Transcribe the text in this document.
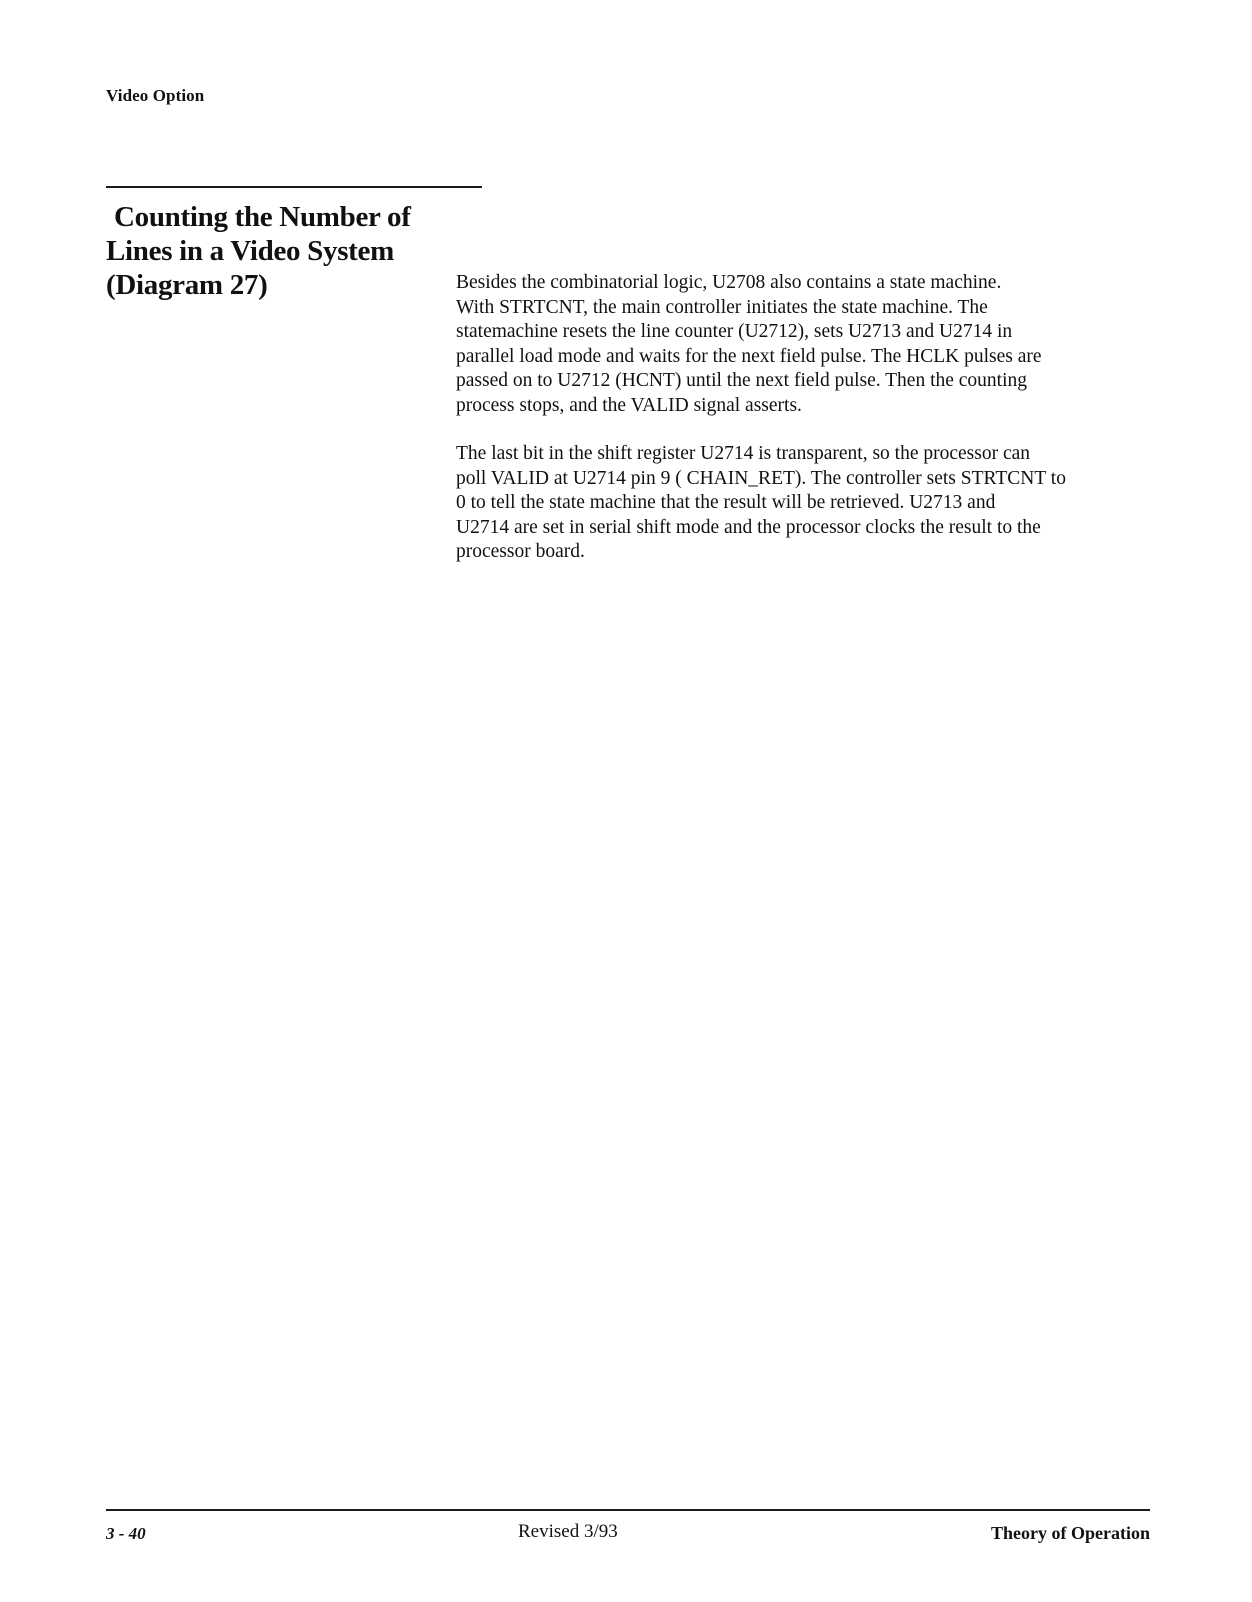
Video Option
Counting the Number of
Lines in a Video System
(Diagram 27)	Besides the combinatorial logic, U2708 also contains a state machine.
With STRTCNT, the main controller initiates the state machine. The
statemachine resets the line counter (U2712), sets U2713 and U2714 in
parallel load mode and waits for the next field pulse. The HCLK pulses are
passed on to U2712 (HCNT) until the next field pulse. Then the counting
process stops, and the VALID signal asserts.

The last bit in the shift register U2714 is transparent, so the processor can
poll VALID at U2714 pin 9 ( CHAIN_RET). The controller sets STRTCNT to
0 to tell the state machine that the result will be retrieved. U2713 and
U2714 are set in serial shift mode and the processor clocks the result to the
processor board.

3 - 40	Revised 3/93	Theory of Operation
